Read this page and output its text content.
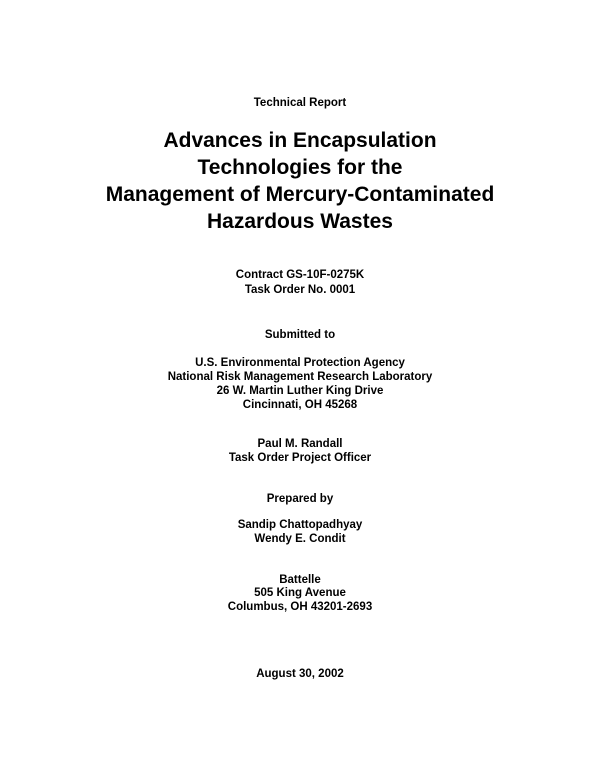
Technical Report
Advances in Encapsulation
Technologies for the
Management of Mercury-Contaminated
Hazardous Wastes
Contract GS-10F-0275K
Task Order No. 0001
Submitted to
U.S. Environmental Protection Agency
National Risk Management Research Laboratory
26 W. Martin Luther King Drive
Cincinnati, OH 45268
Paul M. Randall
Task Order Project Officer
Prepared by
Sandip Chattopadhyay
Wendy E. Condit
Battelle
505 King Avenue
Columbus, OH 43201-2693
August 30, 2002
